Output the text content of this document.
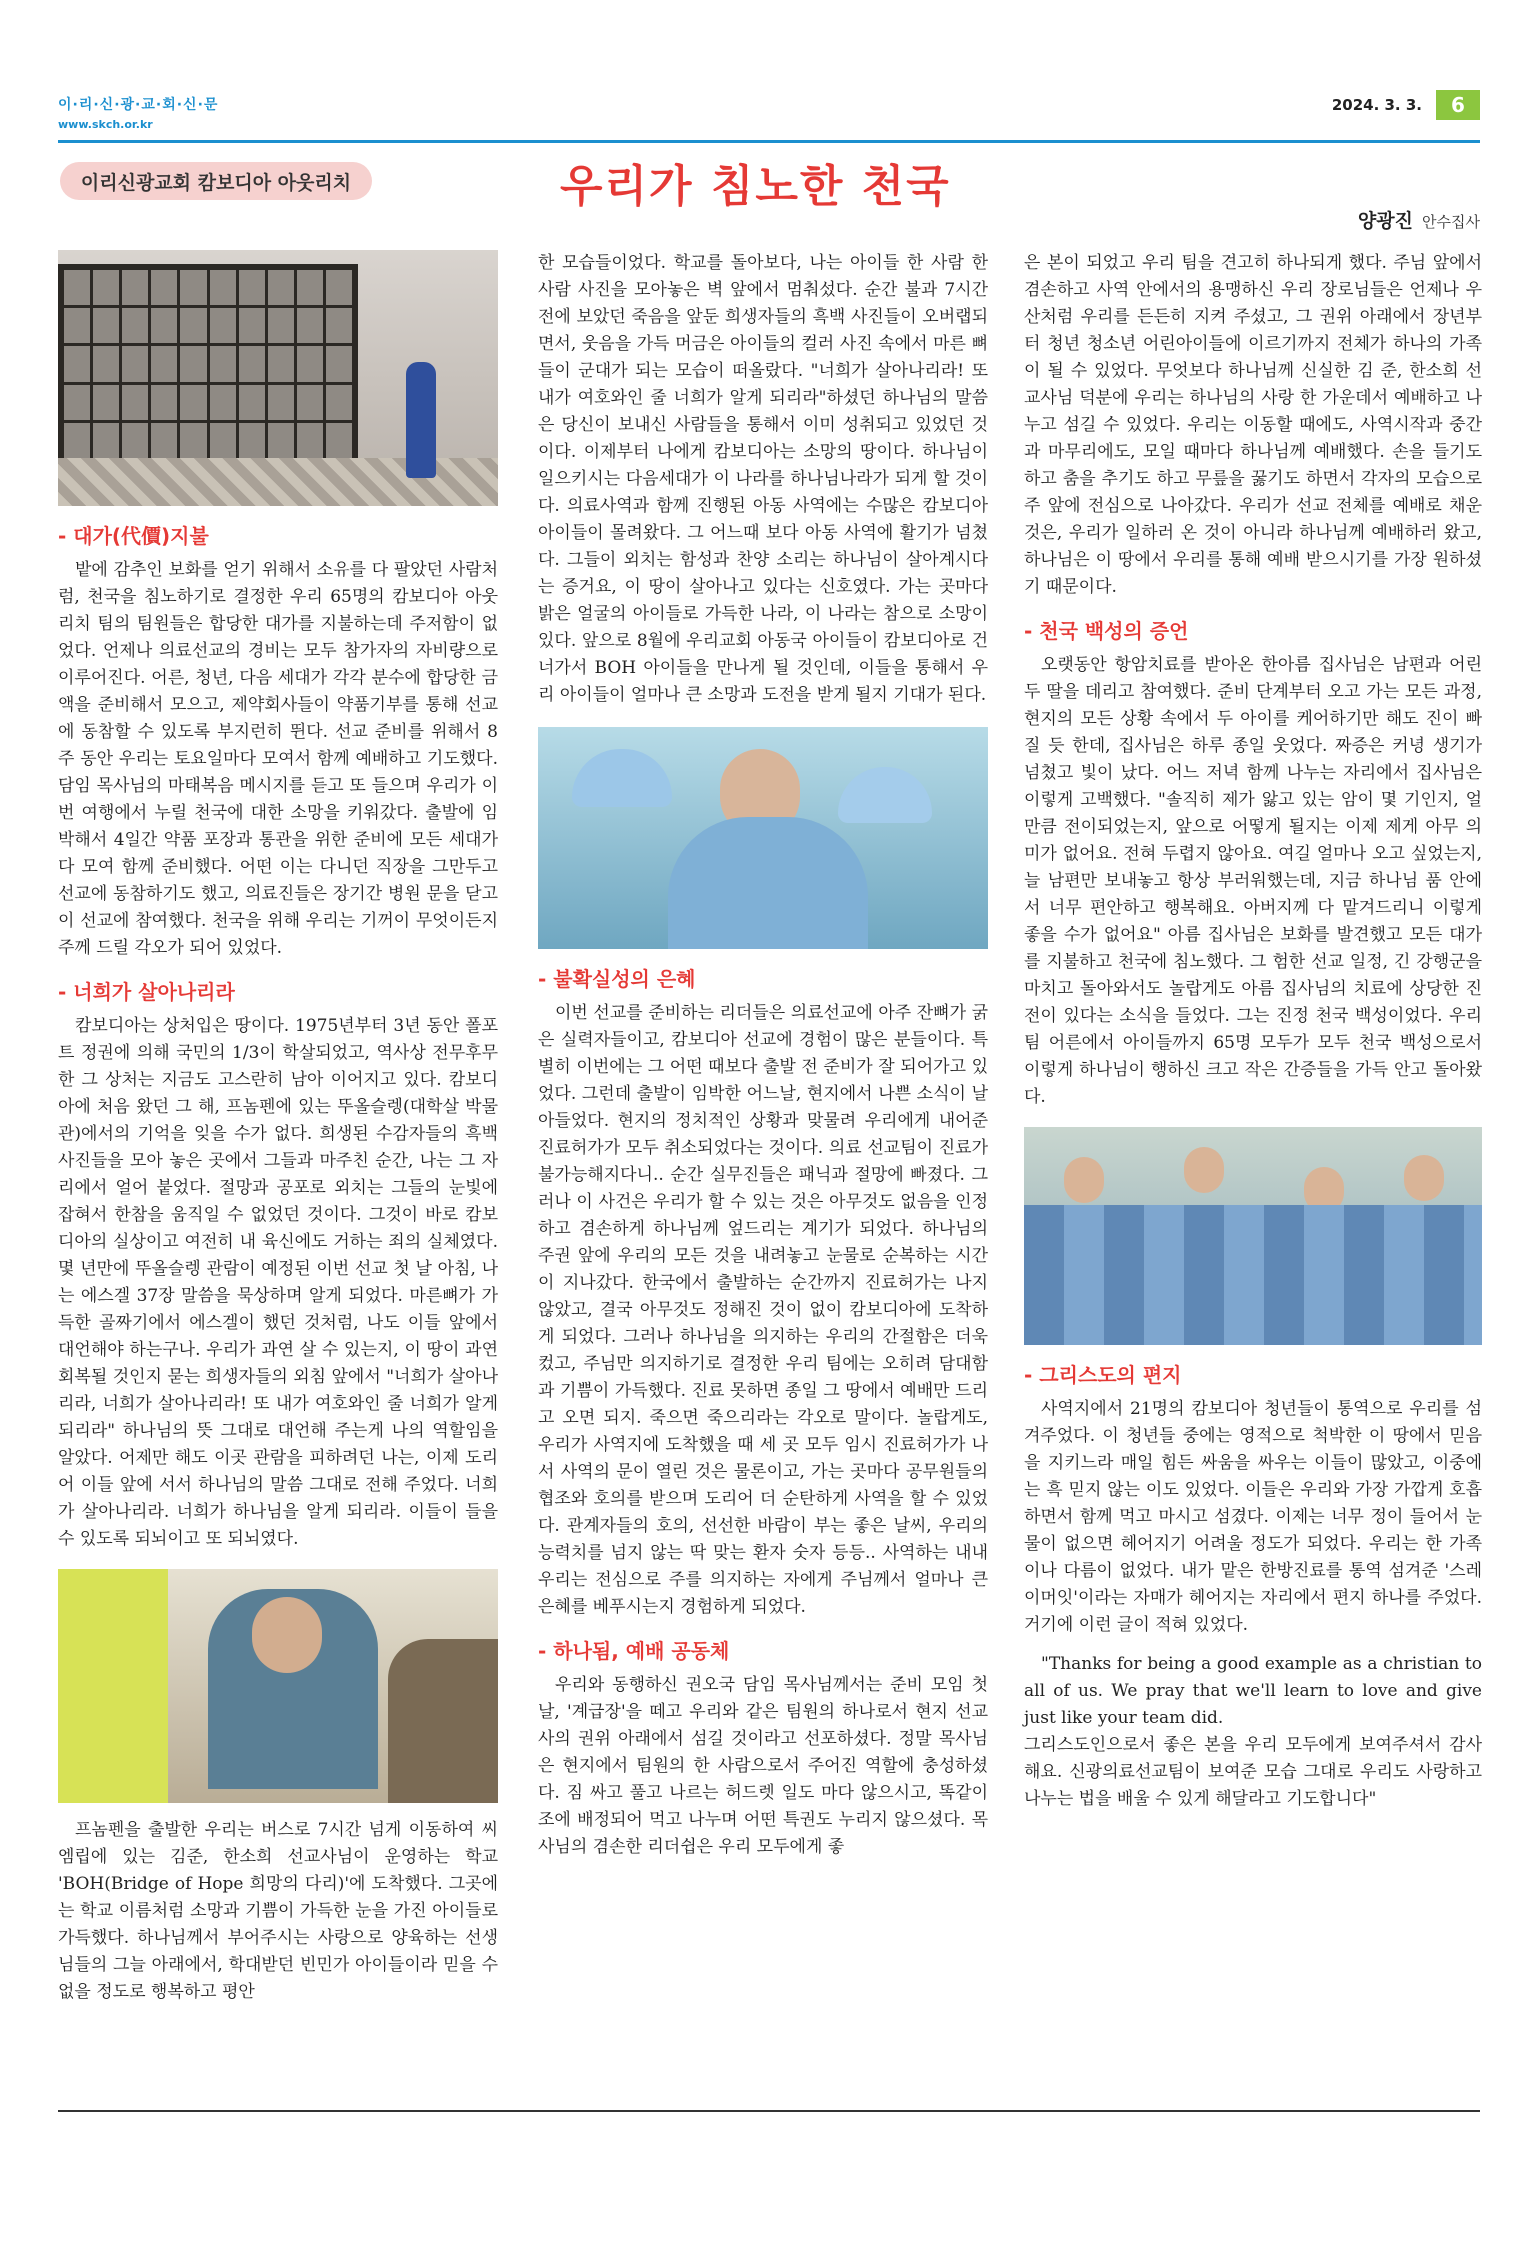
이·리·신·광·교·회·신·문
www.skch.or.kr
2024. 3. 3.	6
이리신광교회 캄보디아 아웃리치	우리가 침노한 천국
양광진 안수집사
- 대가(代價)지불

밭에 감추인 보화를 얻기 위해서 소유를 다 팔았던 사람처럼, 천국을 침노하기로 결정한 우리 65명의 캄보디아 아웃리치 팀의 팀원들은 합당한 대가를 지불하는데 주저함이 없었다. 언제나 의료선교의 경비는 모두 참가자의 자비량으로 이루어진다. 어른, 청년, 다음 세대가 각각 분수에 합당한 금액을 준비해서 모으고, 제약회사들이 약품기부를 통해 선교에 동참할 수 있도록 부지런히 뛴다. 선교 준비를 위해서 8주 동안 우리는 토요일마다 모여서 함께 예배하고 기도했다. 담임 목사님의 마태복음 메시지를 듣고 또 들으며 우리가 이번 여행에서 누릴 천국에 대한 소망을 키워갔다. 출발에 임박해서 4일간 약품 포장과 통관을 위한 준비에 모든 세대가 다 모여 함께 준비했다. 어떤 이는 다니던 직장을 그만두고 선교에 동참하기도 했고, 의료진들은 장기간 병원 문을 닫고 이 선교에 참여했다. 천국을 위해 우리는 기꺼이 무엇이든지 주께 드릴 각오가 되어 있었다.

- 너희가 살아나리라

캄보디아는 상처입은 땅이다. 1975년부터 3년 동안 폴포트 정권에 의해 국민의 1/3이 학살되었고, 역사상 전무후무한 그 상처는 지금도 고스란히 남아 이어지고 있다. 캄보디아에 처음 왔던 그 해, 프놈펜에 있는 뚜올슬렝(대학살 박물관)에서의 기억을 잊을 수가 없다. 희생된 수감자들의 흑백 사진들을 모아 놓은 곳에서 그들과 마주친 순간, 나는 그 자리에서 얼어 붙었다. 절망과 공포로 외치는 그들의 눈빛에 잡혀서 한참을 움직일 수 없었던 것이다. 그것이 바로 캄보디아의 실상이고 여전히 내 육신에도 거하는 죄의 실체였다. 몇 년만에 뚜올슬렝 관람이 예정된 이번 선교 첫 날 아침, 나는 에스겔 37장 말씀을 묵상하며 알게 되었다. 마른뼈가 가득한 골짜기에서 에스겔이 했던 것처럼, 나도 이들 앞에서 대언해야 하는구나. 우리가 과연 살 수 있는지, 이 땅이 과연 회복될 것인지 묻는 희생자들의 외침 앞에서 "너희가 살아나리라, 너희가 살아나리라! 또 내가 여호와인 줄 너희가 알게 되리라" 하나님의 뜻 그대로 대언해 주는게 나의 역할임을 알았다. 어제만 해도 이곳 관람을 피하려던 나는, 이제 도리어 이들 앞에 서서 하나님의 말씀 그대로 전해 주었다. 너희가 살아나리라. 너희가 하나님을 알게 되리라. 이들이 들을 수 있도록 되뇌이고 또 되뇌였다.

프놈펜을 출발한 우리는 버스로 7시간 넘게 이동하여 씨엠립에 있는 김준, 한소희 선교사님이 운영하는 학교 'BOH(Bridge of Hope 희망의 다리)'에 도착했다. 그곳에는 학교 이름처럼 소망과 기쁨이 가득한 눈을 가진 아이들로 가득했다. 하나님께서 부어주시는 사랑으로 양육하는 선생님들의 그늘 아래에서, 학대받던 빈민가 아이들이라 믿을 수 없을 정도로 행복하고 평안

한 모습들이었다. 학교를 돌아보다, 나는 아이들 한 사람 한 사람 사진을 모아놓은 벽 앞에서 멈춰섰다. 순간 불과 7시간 전에 보았던 죽음을 앞둔 희생자들의 흑백 사진들이 오버랩되면서, 웃음을 가득 머금은 아이들의 컬러 사진 속에서 마른 뼈들이 군대가 되는 모습이 떠올랐다. "너희가 살아나리라! 또 내가 여호와인 줄 너희가 알게 되리라"하셨던 하나님의 말씀은 당신이 보내신 사람들을 통해서 이미 성취되고 있었던 것이다. 이제부터 나에게 캄보디아는 소망의 땅이다. 하나님이 일으키시는 다음세대가 이 나라를 하나님나라가 되게 할 것이다. 의료사역과 함께 진행된 아동 사역에는 수많은 캄보디아 아이들이 몰려왔다. 그 어느때 보다 아동 사역에 활기가 넘쳤다. 그들이 외치는 함성과 찬양 소리는 하나님이 살아계시다는 증거요, 이 땅이 살아나고 있다는 신호였다. 가는 곳마다 밝은 얼굴의 아이들로 가득한 나라, 이 나라는 참으로 소망이 있다. 앞으로 8월에 우리교회 아동국 아이들이 캄보디아로 건너가서 BOH 아이들을 만나게 될 것인데, 이들을 통해서 우리 아이들이 얼마나 큰 소망과 도전을 받게 될지 기대가 된다.

- 불확실성의 은혜

이번 선교를 준비하는 리더들은 의료선교에 아주 잔뼈가 굵은 실력자들이고, 캄보디아 선교에 경험이 많은 분들이다. 특별히 이번에는 그 어떤 때보다 출발 전 준비가 잘 되어가고 있었다. 그런데 출발이 임박한 어느날, 현지에서 나쁜 소식이 날아들었다. 현지의 정치적인 상황과 맞물려 우리에게 내어준 진료허가가 모두 취소되었다는 것이다. 의료 선교팀이 진료가 불가능해지다니.. 순간 실무진들은 패닉과 절망에 빠졌다. 그러나 이 사건은 우리가 할 수 있는 것은 아무것도 없음을 인정하고 겸손하게 하나님께 엎드리는 계기가 되었다. 하나님의 주권 앞에 우리의 모든 것을 내려놓고 눈물로 순복하는 시간이 지나갔다. 한국에서 출발하는 순간까지 진료허가는 나지 않았고, 결국 아무것도 정해진 것이 없이 캄보디아에 도착하게 되었다. 그러나 하나님을 의지하는 우리의 간절함은 더욱 컸고, 주님만 의지하기로 결정한 우리 팀에는 오히려 담대함과 기쁨이 가득했다. 진료 못하면 종일 그 땅에서 예배만 드리고 오면 되지. 죽으면 죽으리라는 각오로 말이다. 놀랍게도, 우리가 사역지에 도착했을 때 세 곳 모두 임시 진료허가가 나서 사역의 문이 열린 것은 물론이고, 가는 곳마다 공무원들의 협조와 호의를 받으며 도리어 더 순탄하게 사역을 할 수 있었다. 관계자들의 호의, 선선한 바람이 부는 좋은 날씨, 우리의 능력치를 넘지 않는 딱 맞는 환자 숫자 등등.. 사역하는 내내 우리는 전심으로 주를 의지하는 자에게 주님께서 얼마나 큰 은혜를 베푸시는지 경험하게 되었다.

- 하나됨, 예배 공동체

우리와 동행하신 권오국 담임 목사님께서는 준비 모임 첫날, '계급장'을 떼고 우리와 같은 팀원의 하나로서 현지 선교사의 권위 아래에서 섬길 것이라고 선포하셨다. 정말 목사님은 현지에서 팀원의 한 사람으로서 주어진 역할에 충성하셨다. 짐 싸고 풀고 나르는 허드렛 일도 마다 않으시고, 똑같이 조에 배정되어 먹고 나누며 어떤 특권도 누리지 않으셨다. 목사님의 겸손한 리더쉽은 우리 모두에게 좋

은 본이 되었고 우리 팀을 견고히 하나되게 했다. 주님 앞에서 겸손하고 사역 안에서의 용맹하신 우리 장로님들은 언제나 우산처럼 우리를 든든히 지켜 주셨고, 그 권위 아래에서 장년부터 청년 청소년 어린아이들에 이르기까지 전체가 하나의 가족이 될 수 있었다. 무엇보다 하나님께 신실한 김 준, 한소희 선교사님 덕분에 우리는 하나님의 사랑 한 가운데서 예배하고 나누고 섬길 수 있었다. 우리는 이동할 때에도, 사역시작과 중간과 마무리에도, 모일 때마다 하나님께 예배했다. 손을 들기도 하고 춤을 추기도 하고 무릎을 꿇기도 하면서 각자의 모습으로 주 앞에 전심으로 나아갔다. 우리가 선교 전체를 예배로 채운 것은, 우리가 일하러 온 것이 아니라 하나님께 예배하러 왔고, 하나님은 이 땅에서 우리를 통해 예배 받으시기를 가장 원하셨기 때문이다.

- 천국 백성의 증언

오랫동안 항암치료를 받아온 한아름 집사님은 남편과 어린 두 딸을 데리고 참여했다. 준비 단계부터 오고 가는 모든 과정, 현지의 모든 상황 속에서 두 아이를 케어하기만 해도 진이 빠질 듯 한데, 집사님은 하루 종일 웃었다. 짜증은 커녕 생기가 넘쳤고 빛이 났다. 어느 저녁 함께 나누는 자리에서 집사님은 이렇게 고백했다. "솔직히 제가 앓고 있는 암이 몇 기인지, 얼만큼 전이되었는지, 앞으로 어떻게 될지는 이제 제게 아무 의미가 없어요. 전혀 두렵지 않아요. 여길 얼마나 오고 싶었는지, 늘 남편만 보내놓고 항상 부러워했는데, 지금 하나님 품 안에서 너무 편안하고 행복해요. 아버지께 다 맡겨드리니 이렇게 좋을 수가 없어요" 아름 집사님은 보화를 발견했고 모든 대가를 지불하고 천국에 침노했다. 그 험한 선교 일정, 긴 강행군을 마치고 돌아와서도 놀랍게도 아름 집사님의 치료에 상당한 진전이 있다는 소식을 들었다. 그는 진정 천국 백성이었다. 우리 팀 어른에서 아이들까지 65명 모두가 모두 천국 백성으로서 이렇게 하나님이 행하신 크고 작은 간증들을 가득 안고 돌아왔다.

- 그리스도의 편지

사역지에서 21명의 캄보디아 청년들이 통역으로 우리를 섬겨주었다. 이 청년들 중에는 영적으로 척박한 이 땅에서 믿음을 지키느라 매일 힘든 싸움을 싸우는 이들이 많았고, 이중에는 흑 믿지 않는 이도 있었다. 이들은 우리와 가장 가깝게 호흡하면서 함께 먹고 마시고 섬겼다. 이제는 너무 정이 들어서 눈물이 없으면 헤어지기 어려울 정도가 되었다. 우리는 한 가족이나 다름이 없었다. 내가 맡은 한방진료를 통역 섬겨준 '스레이머잇'이라는 자매가 헤어지는 자리에서 편지 하나를 주었다. 거기에 이런 글이 적혀 있었다.

"Thanks for being a good example as a christian to all of us. We pray that we'll learn to love and give just like your team did.

그리스도인으로서 좋은 본을 우리 모두에게 보여주셔서 감사해요. 신광의료선교팀이 보여준 모습 그대로 우리도 사랑하고 나누는 법을 배울 수 있게 해달라고 기도합니다"
